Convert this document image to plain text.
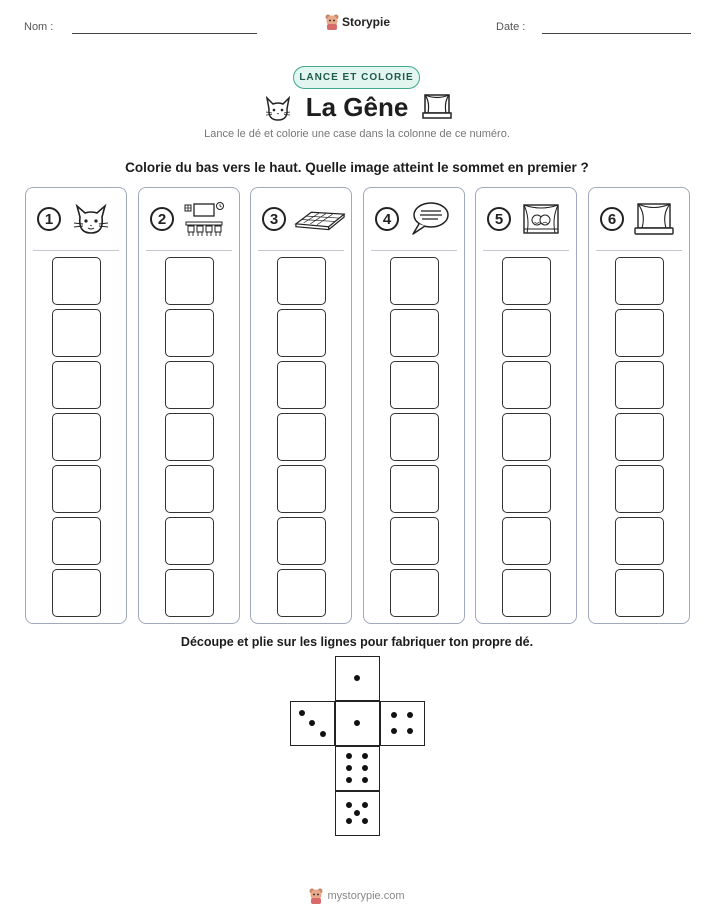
Nom :	Storypie	Date :
LANCE ET COLORIE
La Gêne
Lance le dé et colorie une case dans la colonne de ce numéro.
Colorie du bas vers le haut. Quelle image atteint le sommet en premier ?
1	2	3	4	5	6
Découpe et plie sur les lignes pour fabriquer ton propre dé.
mystorypie.com
